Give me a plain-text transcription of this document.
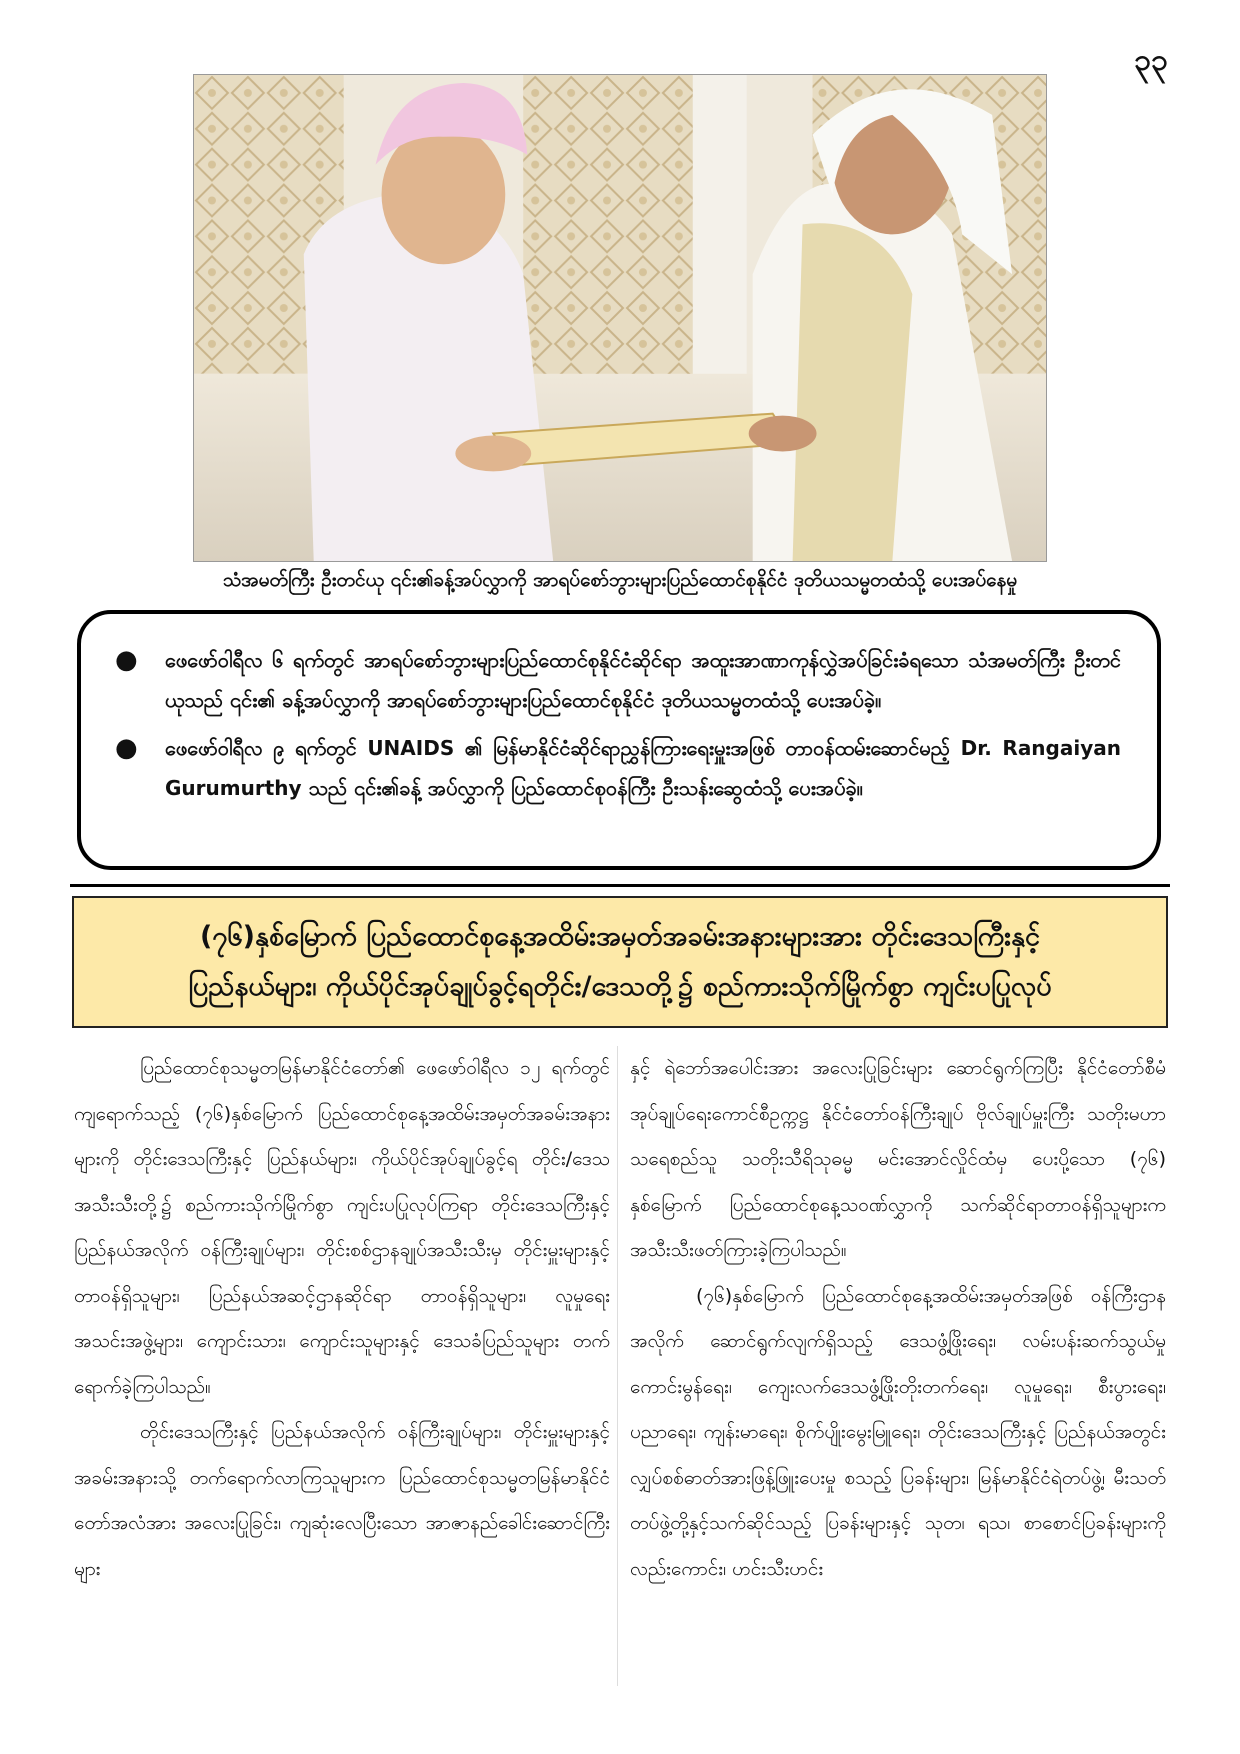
၃၃
သံအမတ်ကြီး ဦးတင်ယု ၎င်း၏ခန့်အပ်လွှာကို အာရပ်စော်ဘွားများပြည်ထောင်စုနိုင်ငံ ဒုတိယသမ္မတထံသို့ ပေးအပ်နေမှု
● ဖေဖော်ဝါရီလ ၆ ရက်တွင် အာရပ်စော်ဘွားများပြည်ထောင်စုနိုင်ငံဆိုင်ရာ အထူးအာဏာကုန်လွှဲအပ်ခြင်းခံရသော သံအမတ်ကြီး ဦးတင်ယုသည် ၎င်း၏ ခန့်အပ်လွှာကို အာရပ်စော်ဘွားများပြည်ထောင်စုနိုင်ငံ ဒုတိယသမ္မတထံသို့ ပေးအပ်ခဲ့။
● ဖေဖော်ဝါရီလ ၉ ရက်တွင် UNAIDS ၏ မြန်မာနိုင်ငံဆိုင်ရာညွှန်ကြားရေးမှူးအဖြစ် တာဝန်ထမ်းဆောင်မည့် Dr. Rangaiyan Gurumurthy သည် ၎င်း၏ခန့် အပ်လွှာကို ပြည်ထောင်စုဝန်ကြီး ဦးသန်းဆွေထံသို့ ပေးအပ်ခဲ့။
(၇၆)နှစ်မြောက် ပြည်ထောင်စုနေ့အထိမ်းအမှတ်အခမ်းအနားများအား တိုင်းဒေသကြီးနှင့်
ပြည်နယ်များ၊ ကိုယ်ပိုင်အုပ်ချုပ်ခွင့်ရတိုင်း/ဒေသတို့၌ စည်ကားသိုက်မြိုက်စွာ ကျင်းပပြုလုပ်

ပြည်ထောင်စုသမ္မတမြန်မာနိုင်ငံတော်၏ ဖေဖော်ဝါရီလ ၁၂ ရက်တွင် ကျရောက်သည့် (၇၆)နှစ်မြောက် ပြည်ထောင်စုနေ့အထိမ်းအမှတ်အခမ်းအနားများကို တိုင်းဒေသကြီးနှင့် ပြည်နယ်များ၊ ကိုယ်ပိုင်အုပ်ချုပ်ခွင့်ရ တိုင်း/ဒေသအသီးသီးတို့၌ စည်ကားသိုက်မြိုက်စွာ ကျင်းပပြုလုပ်ကြရာ တိုင်းဒေသကြီးနှင့် ပြည်နယ်အလိုက် ဝန်ကြီးချုပ်များ၊ တိုင်းစစ်ဌာနချုပ်အသီးသီးမှ တိုင်းမှူးများနှင့် တာဝန်ရှိသူများ၊ ပြည်နယ်အဆင့်ဌာနဆိုင်ရာ တာဝန်ရှိသူများ၊ လူမှုရေးအသင်းအဖွဲ့များ၊ ကျောင်းသား၊ ကျောင်းသူများနှင့် ဒေသခံပြည်သူများ တက်ရောက်ခဲ့ကြပါသည်။

တိုင်းဒေသကြီးနှင့် ပြည်နယ်အလိုက် ဝန်ကြီးချုပ်များ၊ တိုင်းမှူးများနှင့် အခမ်းအနားသို့ တက်ရောက်လာကြသူများက ပြည်ထောင်စုသမ္မတမြန်မာနိုင်ငံတော်အလံအား အလေးပြုခြင်း၊ ကျဆုံးလေပြီးသော အာဇာနည်ခေါင်းဆောင်ကြီးများ

နှင့် ရဲဘော်အပေါင်းအား အလေးပြုခြင်းများ ဆောင်ရွက်ကြပြီး နိုင်ငံတော်စီမံအုပ်ချုပ်ရေးကောင်စီဥက္ကဋ္ဌ နိုင်ငံတော်ဝန်ကြီးချုပ် ဗိုလ်ချုပ်မှူးကြီး သတိုးမဟာသရေစည်သူ သတိုးသီရိသုဓမ္မ မင်းအောင်လှိုင်ထံမှ ပေးပို့သော (၇၆) နှစ်မြောက် ပြည်ထောင်စုနေ့သဝဏ်လွှာကို သက်ဆိုင်ရာတာဝန်ရှိသူများက အသီးသီးဖတ်ကြားခဲ့ကြပါသည်။

(၇၆)နှစ်မြောက် ပြည်ထောင်စုနေ့အထိမ်းအမှတ်အဖြစ် ဝန်ကြီးဌာနအလိုက် ဆောင်ရွက်လျက်ရှိသည့် ဒေသဖွံ့ဖြိုးရေး၊ လမ်းပန်းဆက်သွယ်မှုကောင်းမွန်ရေး၊ ကျေးလက်ဒေသဖွံ့ဖြိုးတိုးတက်ရေး၊ လူမှုရေး၊ စီးပွားရေး၊ ပညာရေး၊ ကျန်းမာရေး၊ စိုက်ပျိုးမွေးမြူရေး၊ တိုင်းဒေသကြီးနှင့် ပြည်နယ်အတွင်း လျှပ်စစ်ဓာတ်အားဖြန့်ဖြူးပေးမှု စသည့် ပြခန်းများ၊ မြန်မာနိုင်ငံရဲတပ်ဖွဲ့၊ မီးသတ်တပ်ဖွဲ့တို့နှင့်သက်ဆိုင်သည့် ပြခန်းများနှင့် သုတ၊ ရသ၊ စာစောင်ပြခန်းများကိုလည်းကောင်း၊ ဟင်းသီးဟင်း
